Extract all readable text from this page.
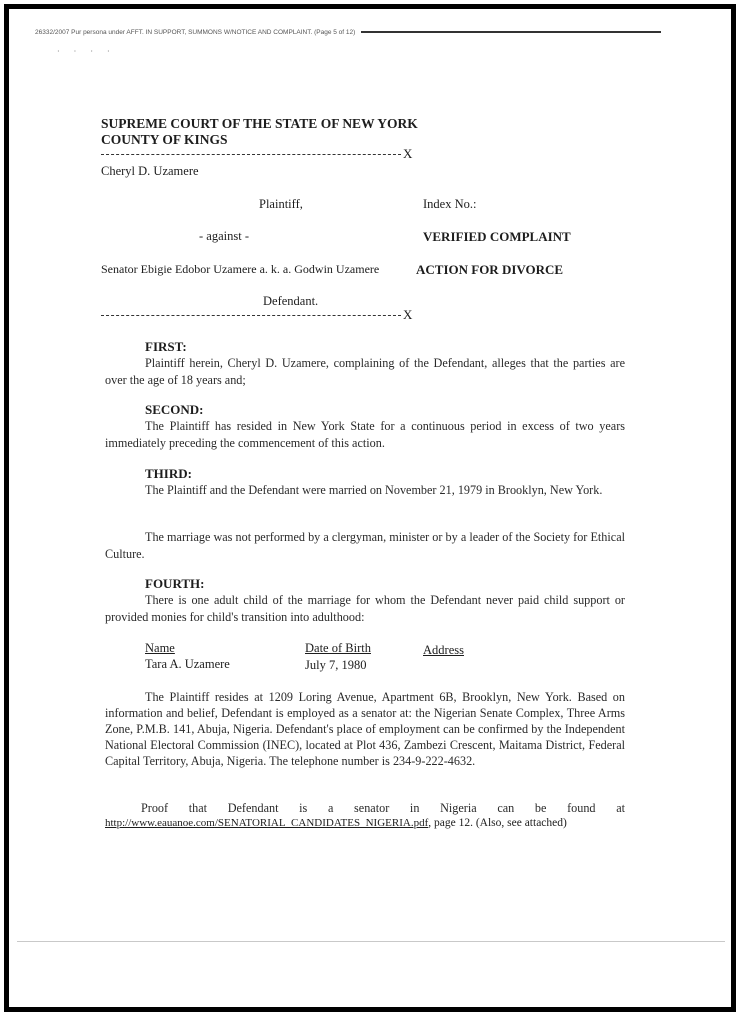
26332/2007 Pur persona under AFFT. IN SUPPORT, SUMMONS W/NOTICE AND COMPLAINT. (Page 5 of 12)
· · · ·
SUPREME COURT OF THE STATE OF NEW YORK
COUNTY OF KINGS
X
Cheryl D. Uzamere
Plaintiff,	Index No.:
- against -	VERIFIED COMPLAINT
Senator Ebigie Edobor Uzamere a. k. a. Godwin Uzamere	ACTION FOR DIVORCE
Defendant.
X
FIRST:
Plaintiff herein, Cheryl D. Uzamere, complaining of the Defendant, alleges that the parties are over the age of 18 years and;
SECOND:
The Plaintiff has resided in New York State for a continuous period in excess of two years immediately preceding the commencement of this action.
THIRD:
The Plaintiff and the Defendant were married on November 21, 1979 in Brooklyn, New York.
The marriage was not performed by a clergyman, minister or by a leader of the Society for Ethical Culture.
FOURTH:
There is one adult child of the marriage for whom the Defendant never paid child support or provided monies for child's transition into adulthood:
Name	Date of Birth	Address
Tara A. Uzamere	July 7, 1980
The Plaintiff resides at 1209 Loring Avenue, Apartment 6B, Brooklyn, New York. Based on information and belief, Defendant is employed as a senator at: the Nigerian Senate Complex, Three Arms Zone, P.M.B. 141, Abuja, Nigeria. Defendant's place of employment can be confirmed by the Independent National Electoral Commission (INEC), located at Plot 436, Zambezi Crescent, Maitama District, Federal Capital Territory, Abuja, Nigeria. The telephone number is 234-9-222-4632.
Proof that Defendant is a senator in Nigeria can be found at
http://www.eauanoe.com/SENATORIAL_CANDIDATES_NIGERIA.pdf, page 12. (Also, see attached)
